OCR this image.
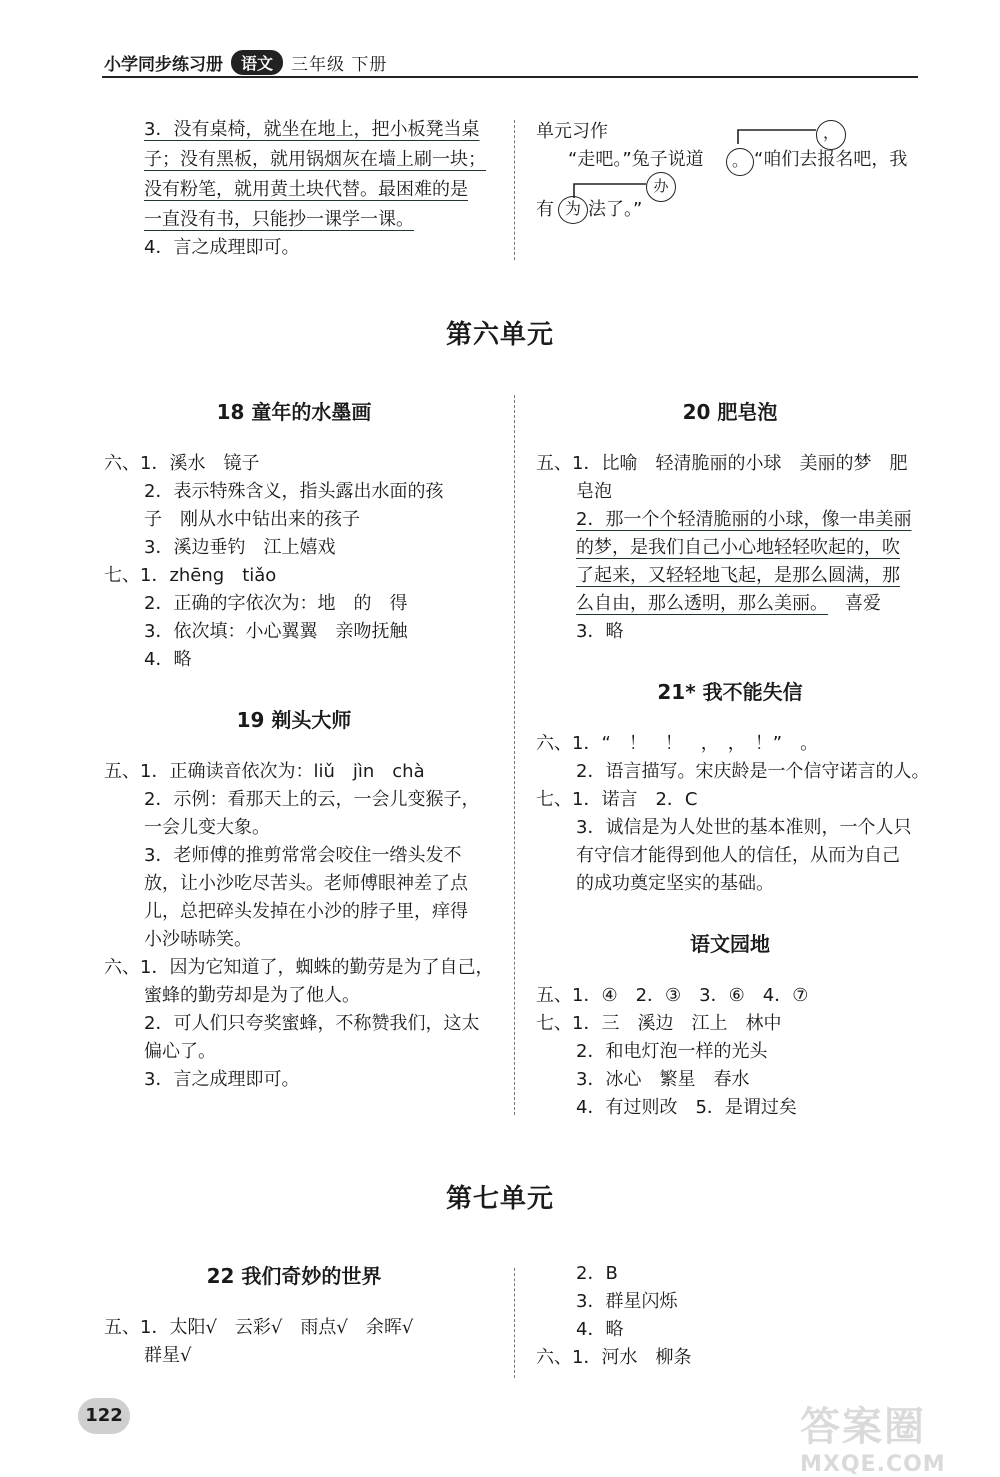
小学同步练习册	语文	三年级 下册
3．没有桌椅，就坐在地上，把小板凳当桌
子；没有黑板，就用锅烟灰在墙上刷一块；
没有粉笔，就用黄土块代替。最困难的是
一直没有书，只能抄一课学一课。
4．言之成理即可。
单元习作
“走吧。”兔子说道	。 “咱们去报名吧，我
有 为 法了。”
，
办
第六单元
18 童年的水墨画
六、1．溪水　镜子
2．表示特殊含义，指头露出水面的孩
子　刚从水中钻出来的孩子
3．溪边垂钓　江上嬉戏
七、1．zhēng　tiǎo
2．正确的字依次为：地　的　得
3．依次填：小心翼翼　亲吻抚触
4．略
19 剃头大师
五、1．正确读音依次为：liǔ　jìn　chà
2．示例：看那天上的云，一会儿变猴子，
一会儿变大象。
3．老师傅的推剪常常会咬住一绺头发不
放，让小沙吃尽苦头。老师傅眼神差了点
儿，总把碎头发掉在小沙的脖子里，痒得
小沙哧哧笑。
六、1．因为它知道了，蜘蛛的勤劳是为了自己，
蜜蜂的勤劳却是为了他人。
2．可人们只夸奖蜜蜂，不称赞我们，这太
偏心了。
3．言之成理即可。
20 肥皂泡
五、1．比喻　轻清脆丽的小球　美丽的梦　肥
皂泡
2．那一个个轻清脆丽的小球，像一串美丽
的梦，是我们自己小心地轻轻吹起的，吹
了起来，又轻轻地飞起，是那么圆满，那
么自由，那么透明，那么美丽。 喜爱
3．略
21* 我不能失信
六、1．“　！　！　，　，　！”　。
2．语言描写。宋庆龄是一个信守诺言的人。
七、1．诺言　2．C
3．诚信是为人处世的基本准则，一个人只
有守信才能得到他人的信任，从而为自己
的成功奠定坚实的基础。
语文园地
五、1．④　2．③　3．⑥　4．⑦
七、1．三　溪边　江上　林中
2．和电灯泡一样的光头
3．冰心　繁星　春水
4．有过则改　5．是谓过矣
第七单元
22 我们奇妙的世界
五、1．太阳√　云彩√　雨点√　余晖√
群星√
2．B
3．群星闪烁
4．略
六、1．河水　柳条
122	答案圈
MXQE.COM
